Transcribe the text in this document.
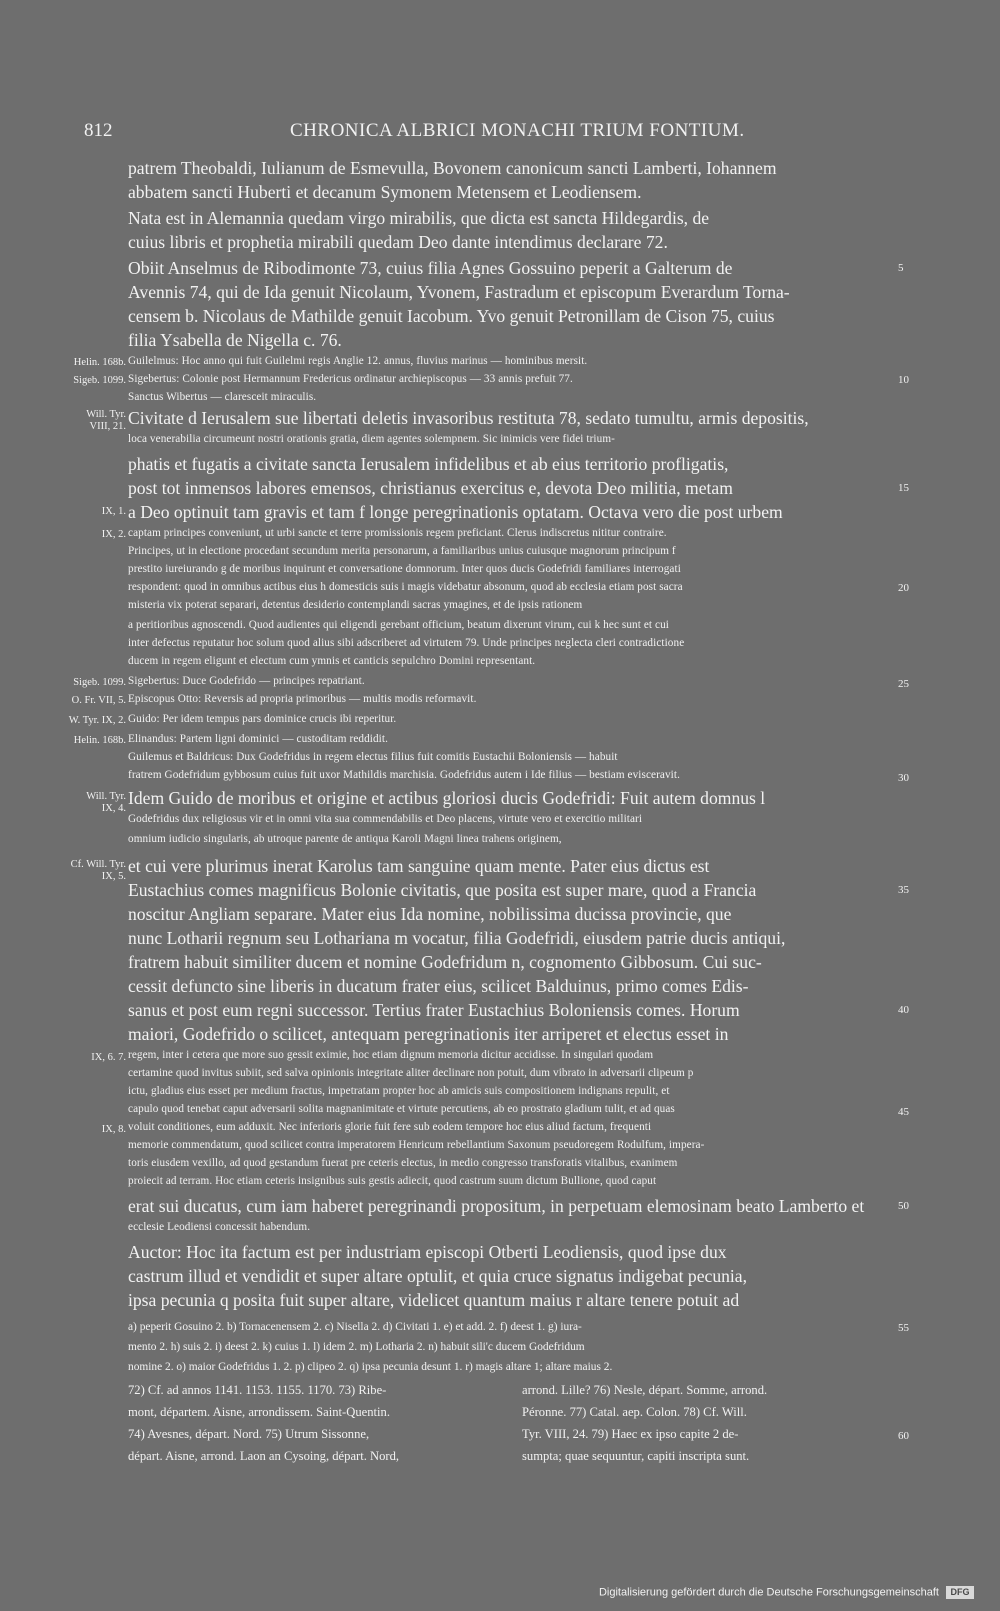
812	CHRONICA ALBRICI MONACHI TRIUM FONTIUM.
patrem Theobaldi, Iulianum de Esmevulla, Bovonem canonicum sancti Lamberti, Iohannem
abbatem sancti Huberti et decanum Symonem Metensem et Leodiensem.
Nata est in Alemannia quedam virgo mirabilis, que dicta est sancta Hildegardis, de
cuius libris et prophetia mirabili quedam Deo dante intendimus declarare 72.
Obiit Anselmus de Ribodimonte 73, cuius filia Agnes Gossuino peperit a Galterum de
Avennis 74, qui de Ida genuit Nicolaum, Yvonem, Fastradum et episcopum Everardum Torna-
censem b. Nicolaus de Mathilde genuit Iacobum. Yvo genuit Petronillam de Cison 75, cuius
filia Ysabella de Nigella c. 76.
Guilelmus: Hoc anno qui fuit Guilelmi regis Anglie 12. annus, fluvius marinus — hominibus mersit.
Sigebertus: Colonie post Hermannum Fredericus ordinatur archiepiscopus — 33 annis prefuit 77.
Sanctus Wibertus — claresceit miraculis.
Civitate d Ierusalem sue libertati deletis invasoribus restituta 78, sedato tumultu, armis depositis,
loca venerabilia circumeunt nostri orationis gratia, diem agentes solempnem. Sic inimicis vere fidei trium-
phatis et fugatis a civitate sancta Ierusalem infidelibus et ab eius territorio profligatis,
post tot inmensos labores emensos, christianus exercitus e, devota Deo militia, metam
a Deo optinuit tam gravis et tam f longe peregrinationis optatam. Octava vero die post urbem
captam principes conveniunt, ut urbi sancte et terre promissionis regem preficiant. Clerus indiscretus nititur contraire.
Principes, ut in electione procedant secundum merita personarum, a familiaribus unius cuiusque magnorum principum f
prestito iureiurando g de moribus inquirunt et conversatione domnorum. Inter quos ducis Godefridi familiares interrogati
respondent: quod in omnibus actibus eius h domesticis suis i magis videbatur absonum, quod ab ecclesia etiam post sacra
misteria vix poterat separari, detentus desiderio contemplandi sacras ymagines, et de ipsis rationem
a peritioribus agnoscendi. Quod audientes qui eligendi gerebant officium, beatum dixerunt virum, cui k hec sunt et cui
inter defectus reputatur hoc solum quod alius sibi adscriberet ad virtutem 79. Unde principes neglecta cleri contradictione
ducem in regem eligunt et electum cum ymnis et canticis sepulchro Domini representant.
Sigebertus: Duce Godefrido — principes repatriant.
Episcopus Otto: Reversis ad propria primoribus — multis modis reformavit.
Guido: Per idem tempus pars dominice crucis ibi reperitur.
Elinandus: Partem ligni dominici — custoditam reddidit.
Guilemus et Baldricus: Dux Godefridus in regem electus filius fuit comitis Eustachii Boloniensis — habuit
fratrem Godefridum gybbosum cuius fuit uxor Mathildis marchisia. Godefridus autem i Ide filius — bestiam evisceravit.
Idem Guido de moribus et origine et actibus gloriosi ducis Godefridi: Fuit autem domnus l
Godefridus dux religiosus vir et in omni vita sua commendabilis et Deo placens, virtute vero et exercitio militari
omnium iudicio singularis, ab utroque parente de antiqua Karoli Magni linea trahens originem,
et cui vere plurimus inerat Karolus tam sanguine quam mente. Pater eius dictus est
Eustachius comes magnificus Bolonie civitatis, que posita est super mare, quod a Francia
noscitur Angliam separare. Mater eius Ida nomine, nobilissima ducissa provincie, que
nunc Lotharii regnum seu Lothariana m vocatur, filia Godefridi, eiusdem patrie ducis antiqui,
fratrem habuit similiter ducem et nomine Godefridum n, cognomento Gibbosum. Cui suc-
cessit defuncto sine liberis in ducatum frater eius, scilicet Balduinus, primo comes Edis-
sanus et post eum regni successor. Tertius frater Eustachius Boloniensis comes. Horum
maiori, Godefrido o scilicet, antequam peregrinationis iter arriperet et electus esset in
regem, inter i cetera que more suo gessit eximie, hoc etiam dignum memoria dicitur accidisse. In singulari quodam
certamine quod invitus subiit, sed salva opinionis integritate aliter declinare non potuit, dum vibrato in adversarii clipeum p
ictu, gladius eius esset per medium fractus, impetratam propter hoc ab amicis suis compositionem indignans repulit, et
capulo quod tenebat caput adversarii solita magnanimitate et virtute percutiens, ab eo prostrato gladium tulit, et ad quas
voluit conditiones, eum adduxit. Nec inferioris glorie fuit fere sub eodem tempore hoc eius aliud factum, frequenti
memorie commendatum, quod scilicet contra imperatorem Henricum rebellantium Saxonum pseudoregem Rodulfum, impera-
toris eiusdem vexillo, ad quod gestandum fuerat pre ceteris electus, in medio congresso transforatis vitalibus, exanimem
proiecit ad terram. Hoc etiam ceteris insignibus suis gestis adiecit, quod castrum suum dictum Bullione, quod caput
erat sui ducatus, cum iam haberet peregrinandi propositum, in perpetuam elemosinam beato Lamberto et
ecclesie Leodiensi concessit habendum.
Auctor: Hoc ita factum est per industriam episcopi Otberti Leodiensis, quod ipse dux
castrum illud et vendidit et super altare optulit, et quia cruce signatus indigebat pecunia,
ipsa pecunia q posita fuit super altare, videlicet quantum maius r altare tenere potuit ad
Helin. 168b.
Sigeb. 1099.
Will. Tyr.
VIII, 21.
IX, 1.
IX, 2.
Sigeb. 1099.
O. Fr. VII, 5.
W. Tyr. IX, 2.
Helin. 168b.
Will. Tyr.
IX, 4.
Cf. Will. Tyr.
IX, 5.
IX, 6. 7.
IX, 8.
5
10
15
20
25
30
35
40
45
50
55
60
a) peperit Gosuino 2. b) Tornacenensem 2. c) Nisella 2. d) Civitati 1. e) et add. 2. f) deest 1. g) iura-
mento 2. h) suis 2. i) deest 2. k) cuius 1. l) idem 2. m) Lotharia 2. n) habuit sili'c ducem Godefridum
nomine 2. o) maior Godefridus 1. 2. p) clipeo 2. q) ipsa pecunia desunt 1. r) magis altare 1; altare maius 2.
72) Cf. ad annos 1141. 1153. 1155. 1170. 73) Ribe-
mont, départem. Aisne, arrondissem. Saint-Quentin.
74) Avesnes, départ. Nord. 75) Utrum Sissonne,
départ. Aisne, arrond. Laon an Cysoing, départ. Nord,
arrond. Lille? 76) Nesle, départ. Somme, arrond.
Péronne. 77) Catal. aep. Colon. 78) Cf. Will.
Tyr. VIII, 24. 79) Haec ex ipso capite 2 de-
sumpta; quae sequuntur, capiti inscripta sunt.
Digitalisierung gefördert durch die Deutsche Forschungsgemeinschaft DFG
